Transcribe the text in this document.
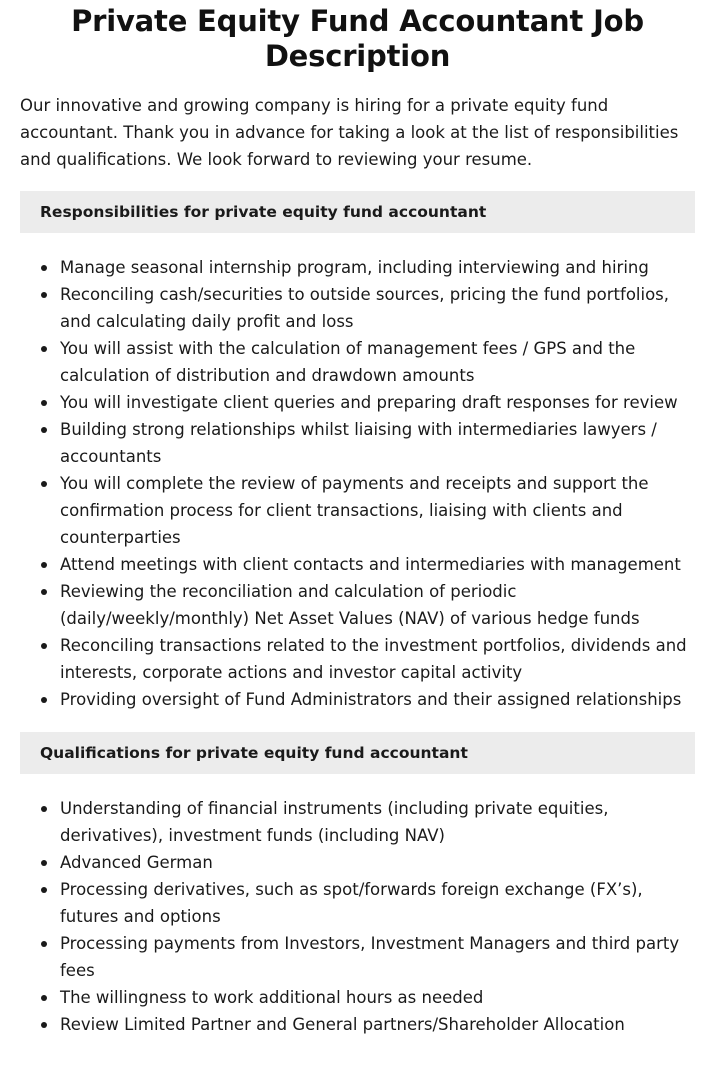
Private Equity Fund Accountant Job Description

Our innovative and growing company is hiring for a private equity fund accountant. Thank you in advance for taking a look at the list of responsibilities and qualifications. We look forward to reviewing your resume.

Responsibilities for private equity fund accountant
Manage seasonal internship program, including interviewing and hiring
Reconciling cash/securities to outside sources, pricing the fund portfolios, and calculating daily profit and loss
You will assist with the calculation of management fees / GPS and the calculation of distribution and drawdown amounts
You will investigate client queries and preparing draft responses for review
Building strong relationships whilst liaising with intermediaries lawyers / accountants
You will complete the review of payments and receipts and support the confirmation process for client transactions, liaising with clients and counterparties
Attend meetings with client contacts and intermediaries with management
Reviewing the reconciliation and calculation of periodic (daily/weekly/monthly) Net Asset Values (NAV) of various hedge funds
Reconciling transactions related to the investment portfolios, dividends and interests, corporate actions and investor capital activity
Providing oversight of Fund Administrators and their assigned relationships
Qualifications for private equity fund accountant
Understanding of financial instruments (including private equities, derivatives), investment funds (including NAV)
Advanced German
Processing derivatives, such as spot/forwards foreign exchange (FX’s), futures and options
Processing payments from Investors, Investment Managers and third party fees
The willingness to work additional hours as needed
Review Limited Partner and General partners/Shareholder Allocation
